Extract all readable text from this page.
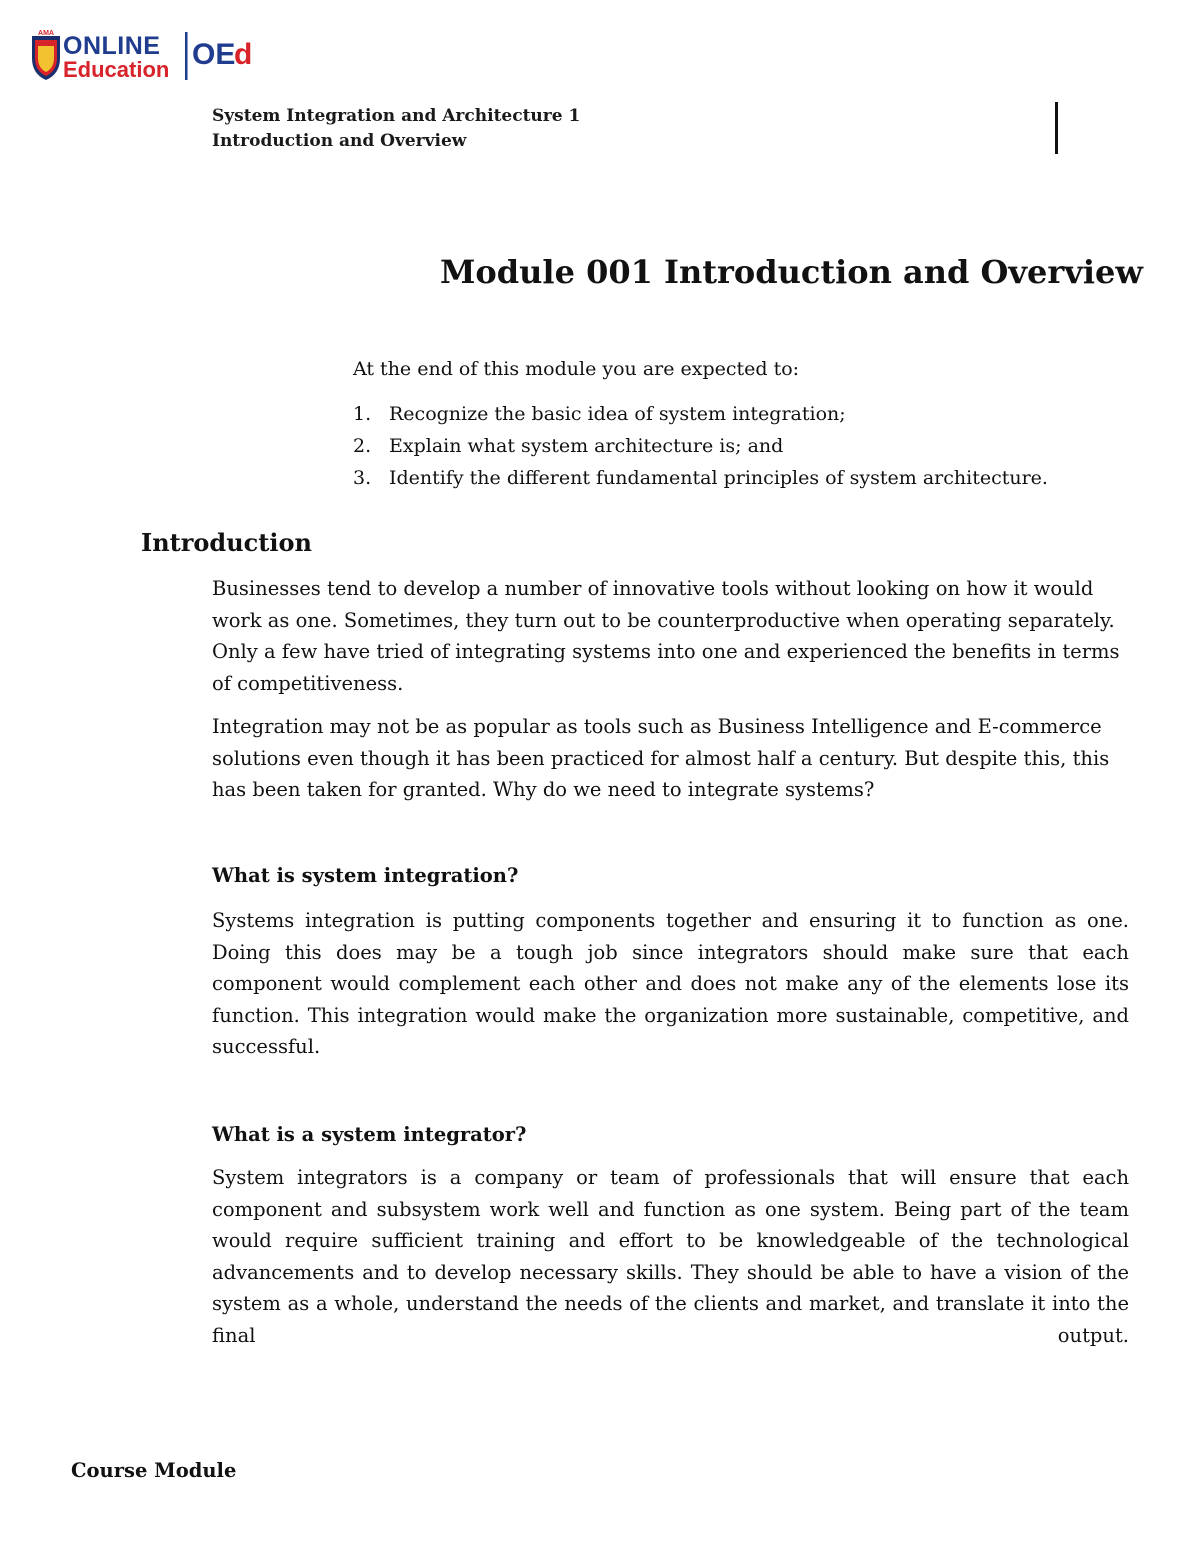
AMA ONLINE
Education OE
d
System Integration and Architecture 1
Introduction and Overview
Module 001 Introduction and Overview
At the end of this module you are expected to:
1. Recognize the basic idea of system integration;
2. Explain what system architecture is; and
3. Identify the different fundamental principles of system architecture.
Introduction

Businesses tend to develop a number of innovative tools without looking on how it would work as one. Sometimes, they turn out to be counterproductive when operating separately. Only a few have tried of integrating systems into one and experienced the benefits in terms of competitiveness.

Integration may not be as popular as tools such as Business Intelligence and E-commerce solutions even though it has been practiced for almost half a century. But despite this, this has been taken for granted. Why do we need to integrate systems?

What is system integration?

Systems integration is putting components together and ensuring it to function as one. Doing this does may be a tough job since integrators should make sure that each component would complement each other and does not make any of the elements lose its function. This integration would make the organization more sustainable, competitive, and successful.

What is a system integrator?
System integrators is a company or team of professionals that will ensure that each component and subsystem work well and function as one system. Being part of the team would require sufficient training and effort to be knowledgeable of the technological advancements and to develop necessary skills. They should be able to have a vision of the system as a whole, understand the needs of the clients and market, and translate it into the
final	output.
Course Module
